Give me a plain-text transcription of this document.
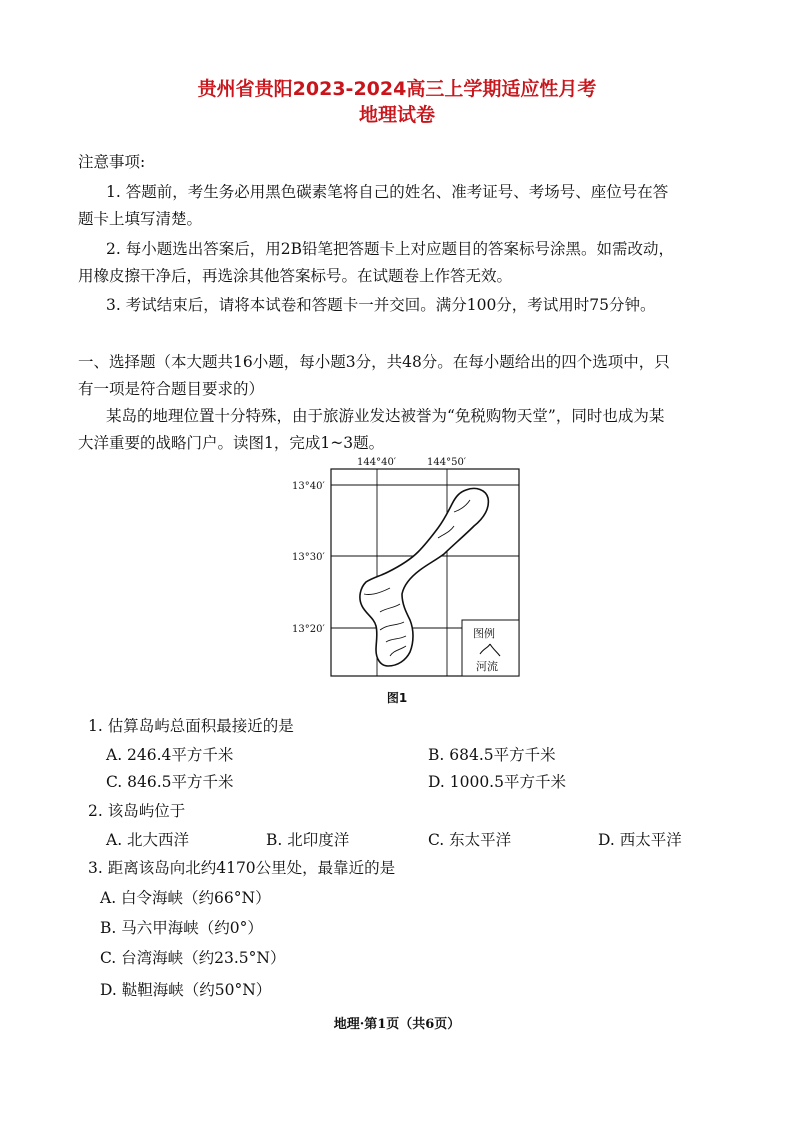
贵州省贵阳2023-2024高三上学期适应性月考
地理试卷
注意事项:
1. 答题前，考生务必用黑色碳素笔将自己的姓名、准考证号、考场号、座位号在答
题卡上填写清楚。
2. 每小题选出答案后，用2B铅笔把答题卡上对应题目的答案标号涂黑。如需改动，
用橡皮擦干净后，再选涂其他答案标号。在试题卷上作答无效。
3. 考试结束后，请将本试卷和答题卡一并交回。满分100分，考试用时75分钟。
一、选择题（本大题共16小题，每小题3分，共48分。在每小题给出的四个选项中，只
有一项是符合题目要求的）
某岛的地理位置十分特殊，由于旅游业发达被誉为“免税购物天堂”，同时也成为某
大洋重要的战略门户。读图1，完成1~3题。
144°40′	144°50′
13°40′
13°30′
13°20′	图例
河流
图1
1. 估算岛屿总面积最接近的是
A. 246.4平方千米	B. 684.5平方千米
C. 846.5平方千米	D. 1000.5平方千米
2. 该岛屿位于
A. 北大西洋	B. 北印度洋	C. 东太平洋	D. 西太平洋
3. 距离该岛向北约4170公里处，最靠近的是
A. 白令海峡（约66°N）
B. 马六甲海峡（约0°）
C. 台湾海峡（约23.5°N）
D. 鞑靼海峡（约50°N）
地理·第1页（共6页）
